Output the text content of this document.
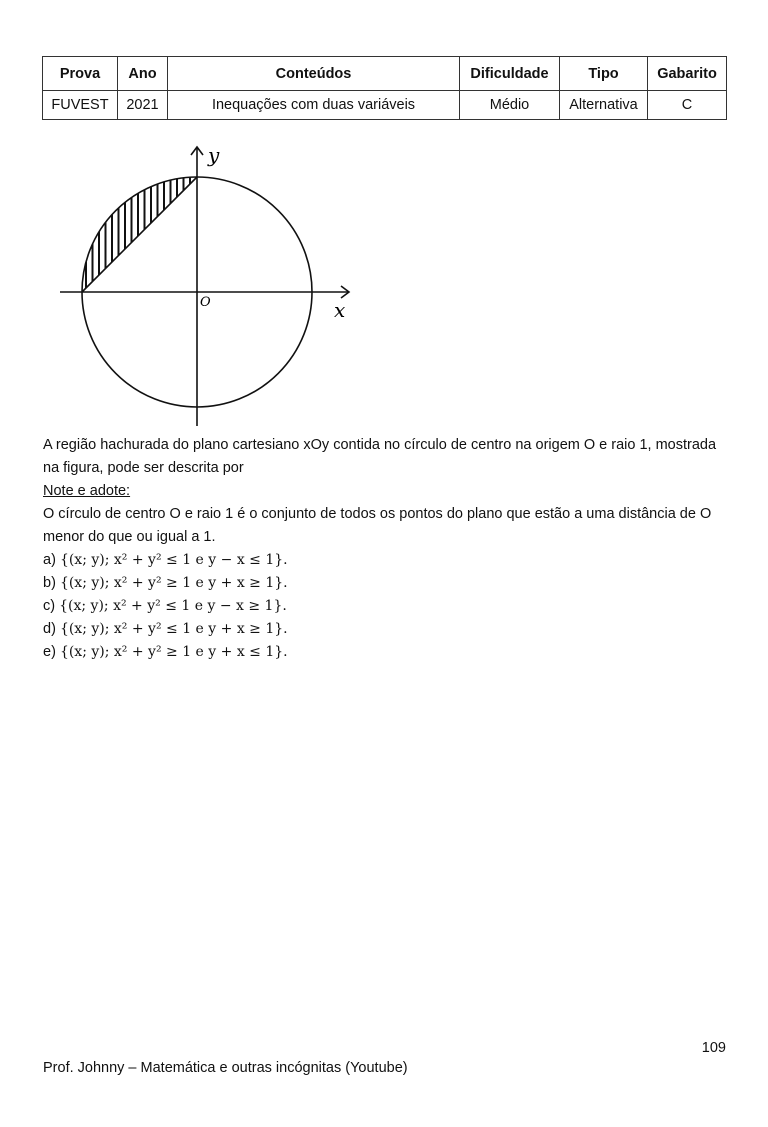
Prova	Ano	Conteúdos	Dificuldade	Tipo	Gabarito
FUVEST	2021	Inequações com duas variáveis	Médio	Alternativa	C
y
x
O

A região hachurada do plano cartesiano xOy contida no círculo de centro na origem O e raio 1, mostrada na figura, pode ser descrita por

Note e adote:

O círculo de centro O e raio 1 é o conjunto de todos os pontos do plano que estão a uma distância de O menor do que ou igual a 1.

a) {(x; y); x² + y² ≤ 1 e y − x ≤ 1}.

b) {(x; y); x² + y² ≥ 1 e y + x ≥ 1}.

c) {(x; y); x² + y² ≤ 1 e y − x ≥ 1}.

d) {(x; y); x² + y² ≤ 1 e y + x ≥ 1}.

e) {(x; y); x² + y² ≥ 1 e y + x ≤ 1}.

109
Prof. Johnny – Matemática e outras incógnitas (Youtube)
